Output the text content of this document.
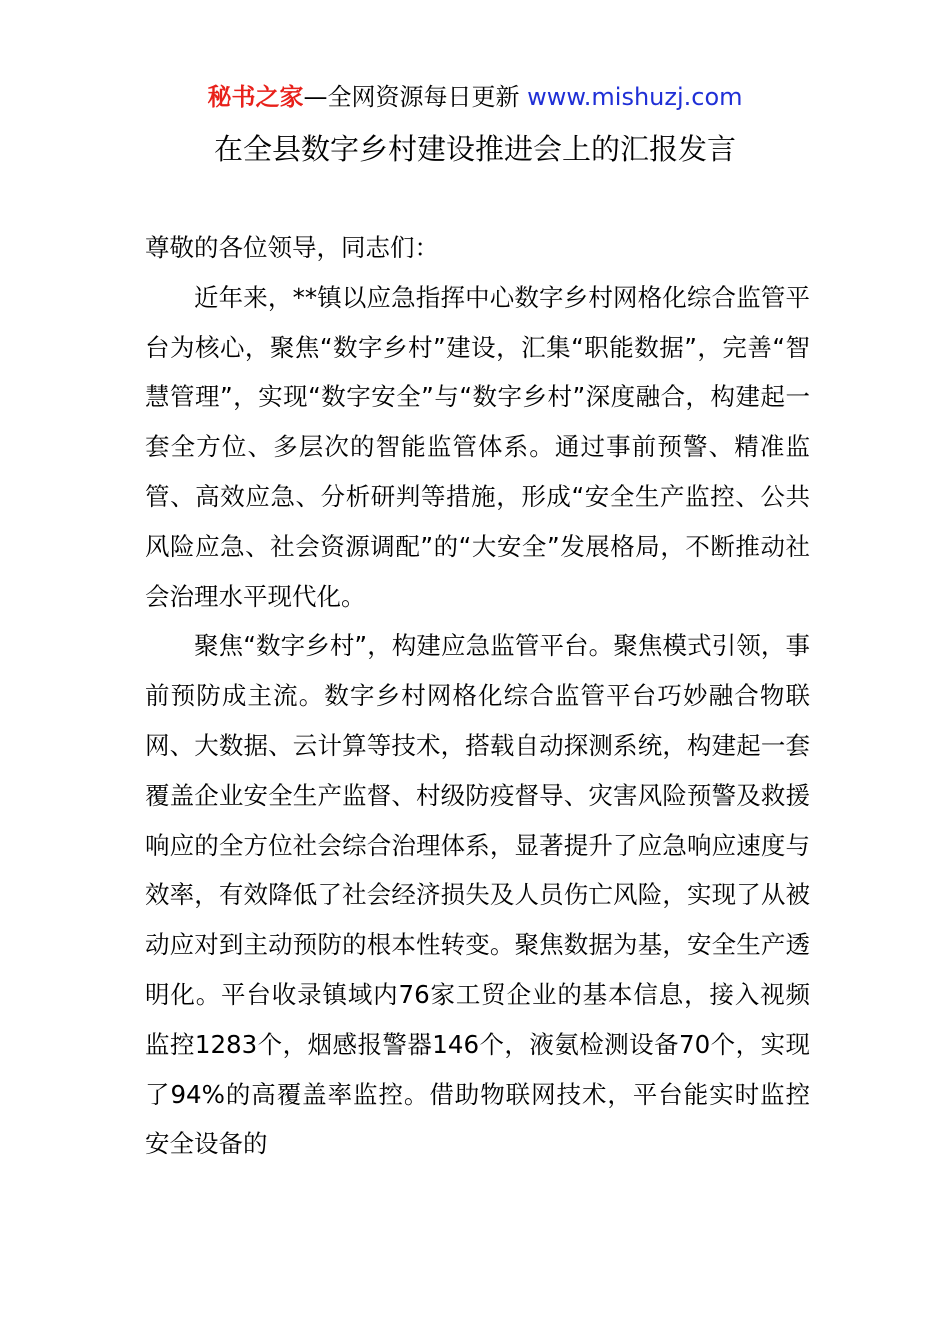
秘书之家—全网资源每日更新 www.mishuzj.com
在全县数字乡村建设推进会上的汇报发言

尊敬的各位领导，同志们：

近年来，**镇以应急指挥中心数字乡村网格化综合监管平台为核心，聚焦“数字乡村”建设，汇集“职能数据”，完善“智慧管理”，实现“数字安全”与“数字乡村”深度融合，构建起一套全方位、多层次的智能监管体系。通过事前预警、精准监管、高效应急、分析研判等措施，形成“安全生产监控、公共风险应急、社会资源调配”的“大安全”发展格局，不断推动社会治理水平现代化。

聚焦“数字乡村”，构建应急监管平台。聚焦模式引领，事前预防成主流。数字乡村网格化综合监管平台巧妙融合物联网、大数据、云计算等技术，搭载自动探测系统，构建起一套覆盖企业安全生产监督、村级防疫督导、灾害风险预警及救援响应的全方位社会综合治理体系，显著提升了应急响应速度与效率，有效降低了社会经济损失及人员伤亡风险，实现了从被动应对到主动预防的根本性转变。聚焦数据为基，安全生产透明化。平台收录镇域内76家工贸企业的基本信息，接入视频监控1283个，烟感报警器146个，液氨检测设备70个，实现了94%的高覆盖率监控。借助物联网技术，平台能实时监控安全设备的
